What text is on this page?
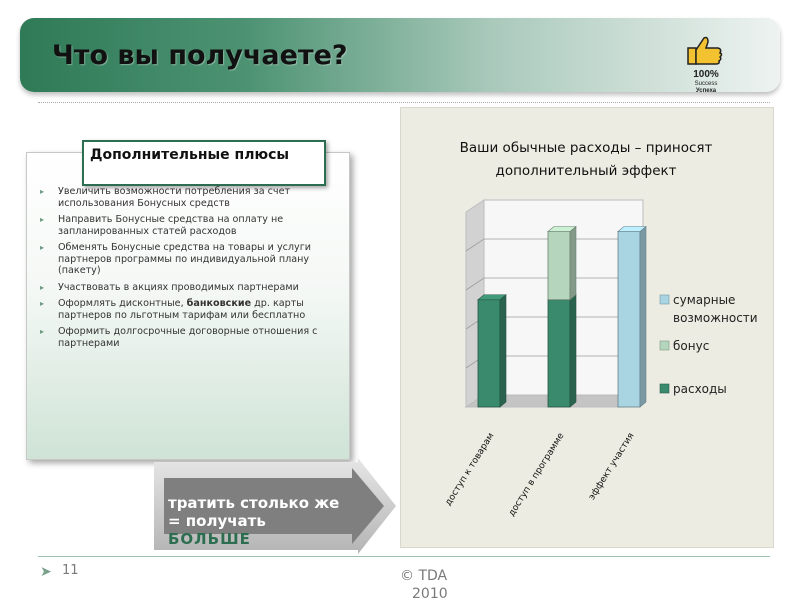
Что вы получаете?
100%
Success
Успеха
▸ Увеличить возможности потребления за счет использования Бонусных средств
▸ Направить Бонусные средства на оплату не запланированных статей расходов
▸ Обменять Бонусные средства на товары и услуги партнеров программы по индивидуальной плану (пакету)
▸ Участвовать в акциях проводимых партнерами
▸ Оформлять дисконтные, банковские др. карты партнеров по льготным тарифам или бесплатно
▸ Оформить долгосрочные договорные отношения с партнерами
Дополнительные плюсы
тратить столько же
= получать
БОЛЬШЕ
Ваши обычные расходы – приносят дополнительный эффект
доступ к товарам доступ в программе эффект участия
сумарные
возможности
бонус
расходы
➤ 11	© TDA
2010
